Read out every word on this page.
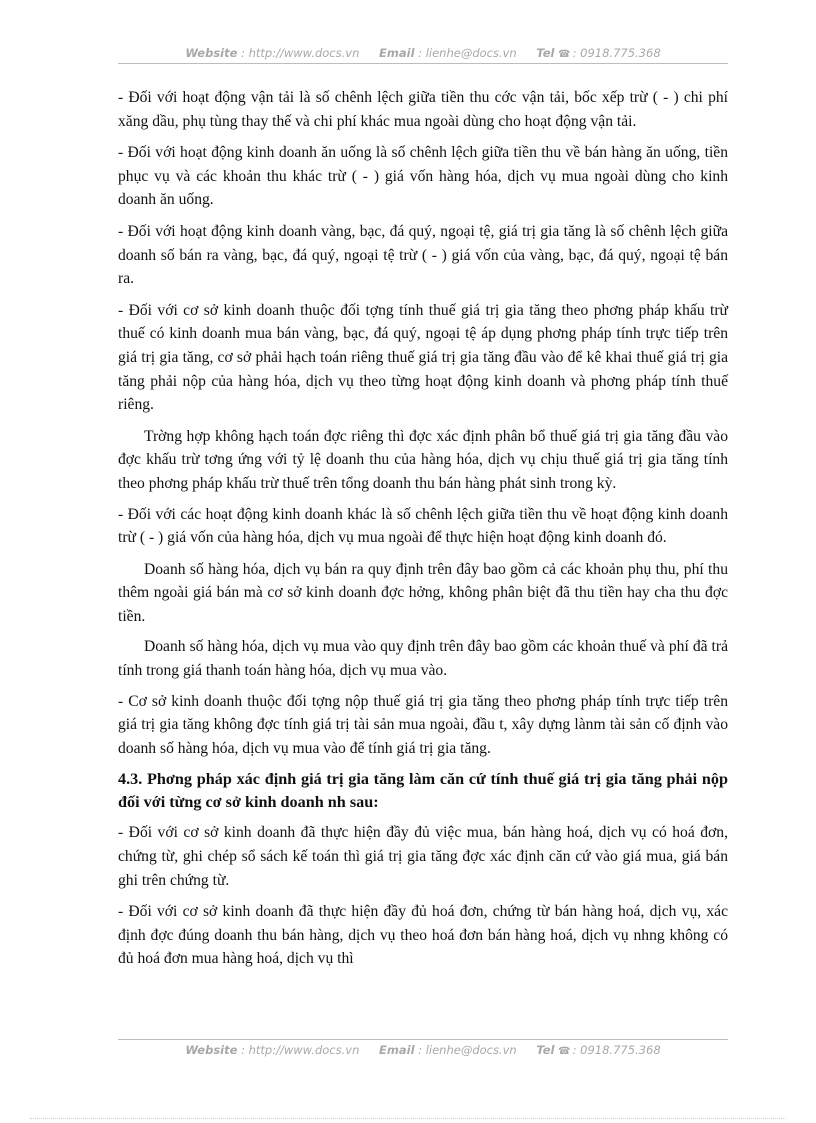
Website : http://www.docs.vn Email : lienhe@docs.vn Tel ☎ : 0918.775.368

- Đối với hoạt động vận tải là số chênh lệch giữa tiền thu cớc vận tải, bốc xếp trừ ( - ) chi phí xăng dầu, phụ tùng thay thế và chi phí khác mua ngoài dùng cho hoạt động vận tải.

- Đối với hoạt động kinh doanh ăn uống là số chênh lệch giữa tiền thu về bán hàng ăn uống, tiền phục vụ và các khoản thu khác trừ ( - ) giá vốn hàng hóa, dịch vụ mua ngoài dùng cho kinh doanh ăn uống.

- Đối với hoạt động kinh doanh vàng, bạc, đá quý, ngoại tệ, giá trị gia tăng là số chênh lệch giữa doanh số bán ra vàng, bạc, đá quý, ngoại tệ trừ ( - ) giá vốn của vàng, bạc, đá quý, ngoại tệ bán ra.

- Đối với cơ sở kinh doanh thuộc đối tợng tính thuế giá trị gia tăng theo phơng pháp khấu trừ thuế có kinh doanh mua bán vàng, bạc, đá quý, ngoại tệ áp dụng phơng pháp tính trực tiếp trên giá trị gia tăng, cơ sở phải hạch toán riêng thuế giá trị gia tăng đầu vào để kê khai thuế giá trị gia tăng phải nộp của hàng hóa, dịch vụ theo từng hoạt động kinh doanh và phơng pháp tính thuế riêng.

Trờng hợp không hạch toán đợc riêng thì đợc xác định phân bổ thuế giá trị gia tăng đầu vào đợc khấu trừ tơng ứng với tỷ lệ doanh thu của hàng hóa, dịch vụ chịu thuế giá trị gia tăng tính theo phơng pháp khấu trừ thuế trên tổng doanh thu bán hàng phát sinh trong kỳ.

- Đối với các hoạt động kinh doanh khác là số chênh lệch giữa tiền thu về hoạt động kinh doanh trừ ( - ) giá vốn của hàng hóa, dịch vụ mua ngoài để thực hiện hoạt động kinh doanh đó.

Doanh số hàng hóa, dịch vụ bán ra quy định trên đây bao gồm cả các khoản phụ thu, phí thu thêm ngoài giá bán mà cơ sở kinh doanh đợc hởng, không phân biệt đã thu tiền hay cha thu đợc tiền.

Doanh số hàng hóa, dịch vụ mua vào quy định trên đây bao gồm các khoản thuế và phí đã trả tính trong giá thanh toán hàng hóa, dịch vụ mua vào.

- Cơ sở kinh doanh thuộc đối tợng nộp thuế giá trị gia tăng theo phơng pháp tính trực tiếp trên giá trị gia tăng không đợc tính giá trị tài sản mua ngoài, đầu t, xây dựng lànm tài sản cố định vào doanh số hàng hóa, dịch vụ mua vào để tính giá trị gia tăng.

4.3. Phơng pháp xác định giá trị gia tăng làm căn cứ tính thuế giá trị gia tăng phải nộp đối với từng cơ sở kinh doanh nh sau:

- Đối với cơ sở kinh doanh đã thực hiện đầy đủ việc mua, bán hàng hoá, dịch vụ có hoá đơn, chứng từ, ghi chép sổ sách kế toán thì giá trị gia tăng đợc xác định căn cứ vào giá mua, giá bán ghi trên chứng từ.

- Đối với cơ sở kinh doanh đã thực hiện đầy đủ hoá đơn, chứng từ bán hàng hoá, dịch vụ, xác định đợc đúng doanh thu bán hàng, dịch vụ theo hoá đơn bán hàng hoá, dịch vụ nhng không có đủ hoá đơn mua hàng hoá, dịch vụ thì

Website : http://www.docs.vn Email : lienhe@docs.vn Tel ☎ : 0918.775.368
